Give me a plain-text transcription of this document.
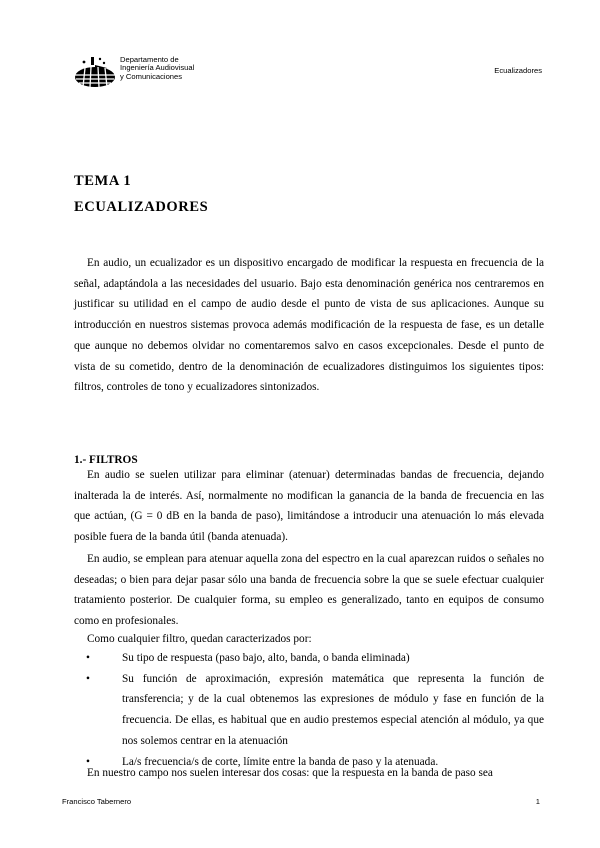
Departamento de
Ingeniería Audiovisual
y Comunicaciones
Ecualizadores
TEMA 1
ECUALIZADORES

En audio, un ecualizador es un dispositivo encargado de modificar la respuesta en frecuencia de la señal, adaptándola a las necesidades del usuario. Bajo esta denominación genérica nos centraremos en justificar su utilidad en el campo de audio desde el punto de vista de sus aplicaciones. Aunque su introducción en nuestros sistemas provoca además modificación de la respuesta de fase, es un detalle que aunque no debemos olvidar no comentaremos salvo en casos excepcionales. Desde el punto de vista de su cometido, dentro de la denominación de ecualizadores distinguimos los siguientes tipos: filtros, controles de tono y ecualizadores sintonizados.

1.- FILTROS

En audio se suelen utilizar para eliminar (atenuar) determinadas bandas de frecuencia, dejando inalterada la de interés. Así, normalmente no modifican la ganancia de la banda de frecuencia en las que actúan, (G = 0 dB en la banda de paso), limitándose a introducir una atenuación lo más elevada posible fuera de la banda útil (banda atenuada).

En audio, se emplean para atenuar aquella zona del espectro en la cual aparezcan ruidos o señales no deseadas; o bien para dejar pasar sólo una banda de frecuencia sobre la que se suele efectuar cualquier tratamiento posterior. De cualquier forma, su empleo es generalizado, tanto en equipos de consumo como en profesionales.

Como cualquier filtro, quedan caracterizados por:

•	Su tipo de respuesta (paso bajo, alto, banda, o banda eliminada)
•	Su función de aproximación, expresión matemática que representa la función de transferencia; y de la cual obtenemos las expresiones de módulo y fase en función de la frecuencia. De ellas, es habitual que en audio prestemos especial atención al módulo, ya que nos solemos centrar en la atenuación
•	La/s frecuencia/s de corte, límite entre la banda de paso y la atenuada.

En nuestro campo nos suelen interesar dos cosas: que la respuesta en la banda de paso sea

Francisco Tabernero	1
